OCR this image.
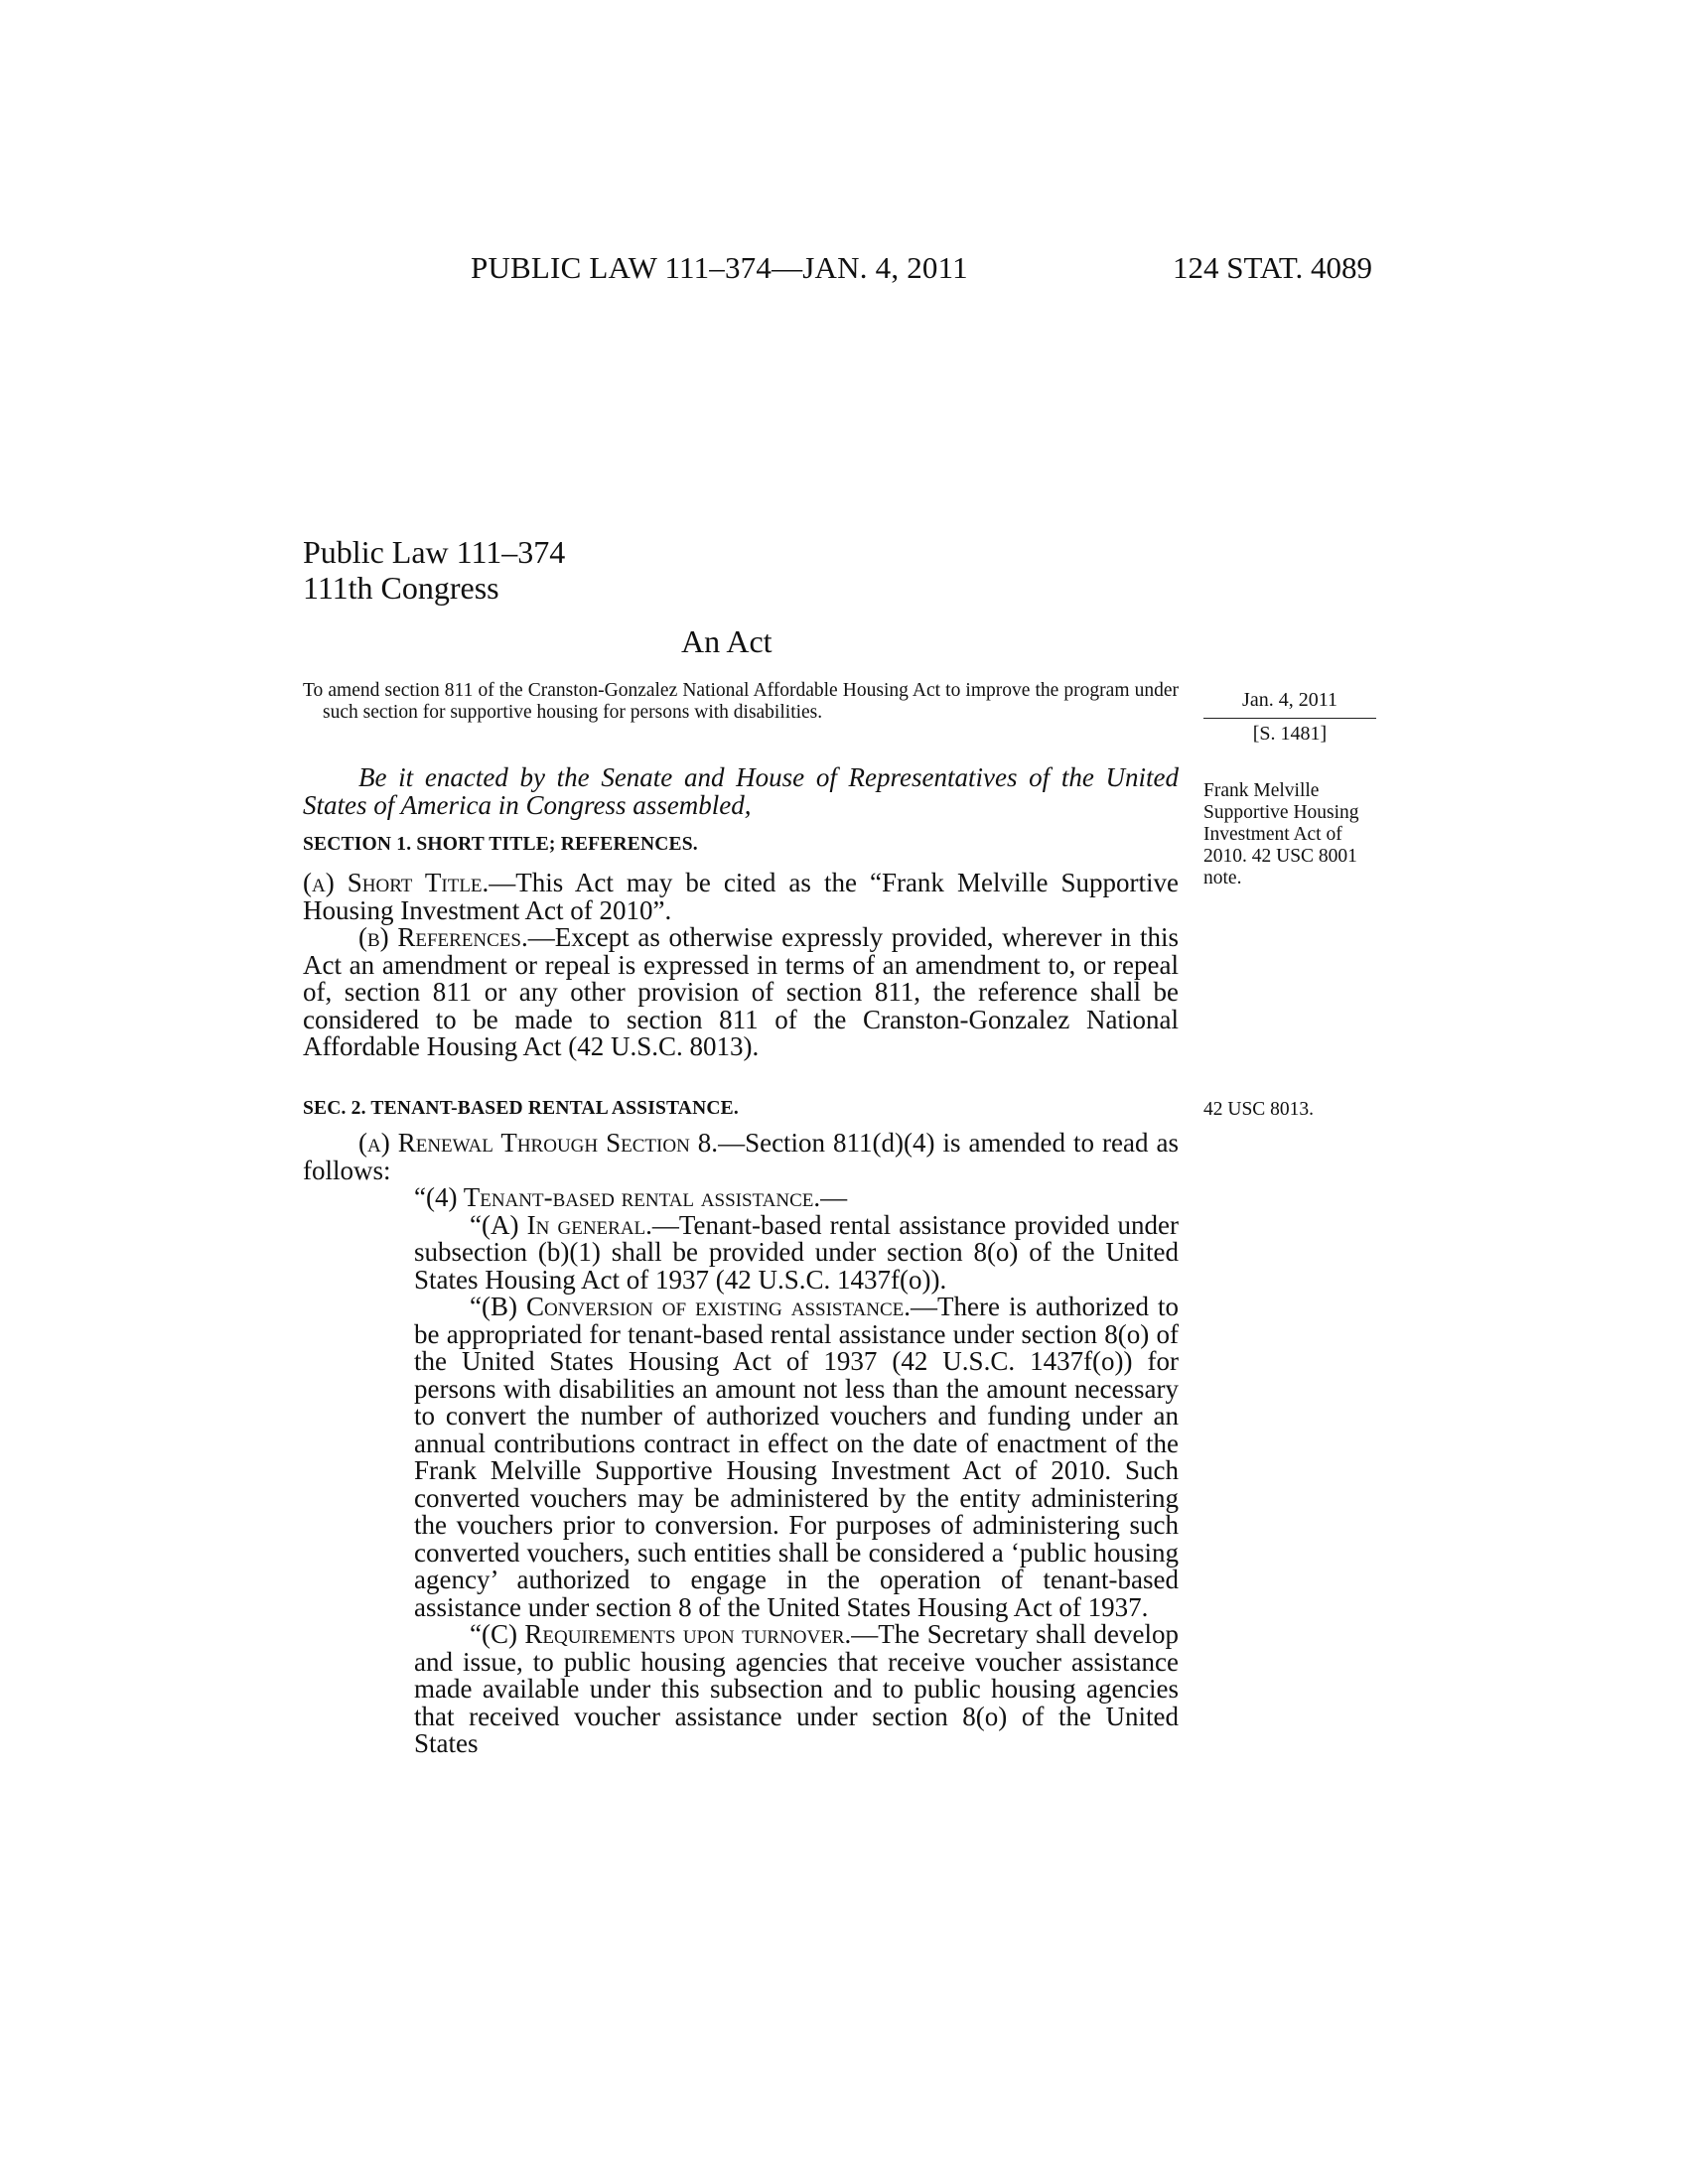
PUBLIC LAW 111–374—JAN. 4, 2011	124 STAT. 4089
Public Law 111–374
111th Congress
An Act
To amend section 811 of the Cranston-Gonzalez National Affordable Housing Act to improve the program under such section for supportive housing for persons with disabilities.
Jan. 4, 2011
[S. 1481]

Be it enacted by the Senate and House of Representatives of the United States of America in Congress assembled,	Frank Melville Supportive Housing Investment Act of 2010. 42 USC 8001 note.
SECTION 1. SHORT TITLE; REFERENCES.

(a) Short Title.—This Act may be cited as the “Frank Melville Supportive Housing Investment Act of 2010”.

(b) References.—Except as otherwise expressly provided, wherever in this Act an amendment or repeal is expressed in terms of an amendment to, or repeal of, section 811 or any other provision of section 811, the reference shall be considered to be made to section 811 of the Cranston-Gonzalez National Affordable Housing Act (42 U.S.C. 8013).

SEC. 2. TENANT-BASED RENTAL ASSISTANCE.	42 USC 8013.

(a) Renewal Through Section 8.—Section 811(d)(4) is amended to read as follows:

“(4) Tenant-based rental assistance.—

“(A) In general.—Tenant-based rental assistance provided under subsection (b)(1) shall be provided under section 8(o) of the United States Housing Act of 1937 (42 U.S.C. 1437f(o)).

“(B) Conversion of existing assistance.—There is authorized to be appropriated for tenant-based rental assistance under section 8(o) of the United States Housing Act of 1937 (42 U.S.C. 1437f(o)) for persons with disabilities an amount not less than the amount necessary to convert the number of authorized vouchers and funding under an annual contributions contract in effect on the date of enactment of the Frank Melville Supportive Housing Investment Act of 2010. Such converted vouchers may be administered by the entity administering the vouchers prior to conversion. For purposes of administering such converted vouchers, such entities shall be considered a ‘public housing agency’ authorized to engage in the operation of tenant-based assistance under section 8 of the United States Housing Act of 1937.

“(C) Requirements upon turnover.—The Secretary shall develop and issue, to public housing agencies that receive voucher assistance made available under this subsection and to public housing agencies that received voucher assistance under section 8(o) of the United States
